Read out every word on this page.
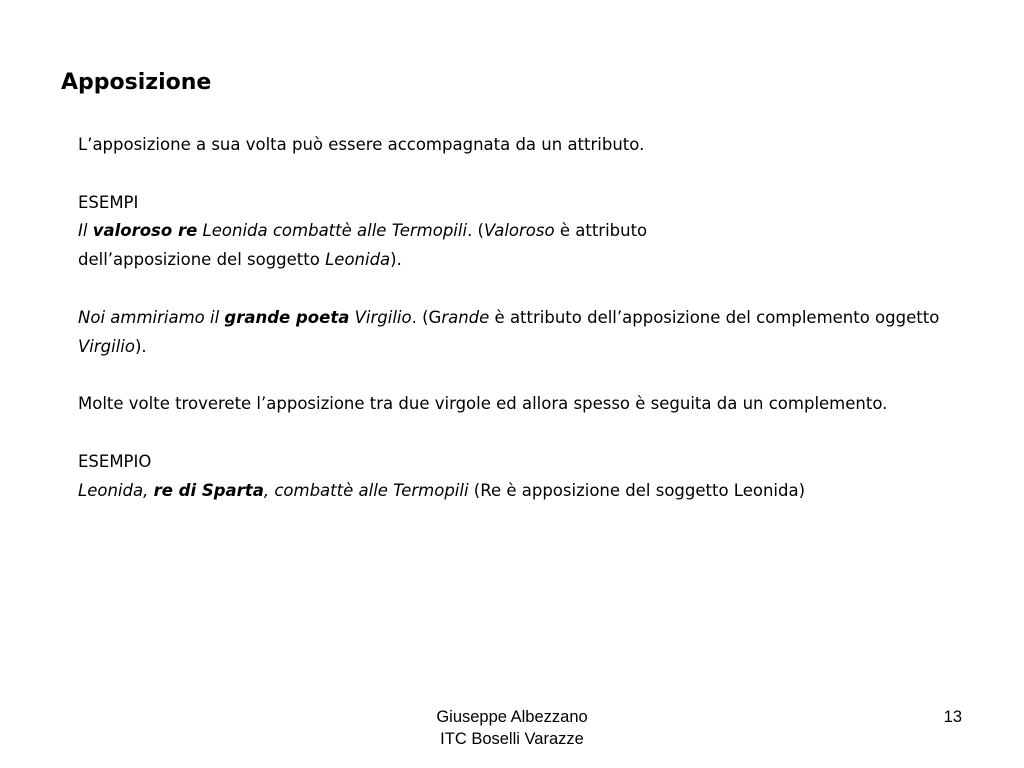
Apposizione

L’apposizione a sua volta può essere accompagnata da un attributo.

ESEMPI

Il valoroso re Leonida combattè alle Termopili. (Valoroso è attributo
dell’apposizione del soggetto Leonida).

Noi ammiriamo il grande poeta Virgilio. (Grande è attributo dell’apposizione del complemento oggetto Virgilio).

Molte volte troverete l’apposizione tra due virgole ed allora spesso è seguita da un complemento.

ESEMPIO

Leonida, re di Sparta, combattè alle Termopili (Re è apposizione del soggetto Leonida)

Giuseppe Albezzano
ITC Boselli Varazze
13
